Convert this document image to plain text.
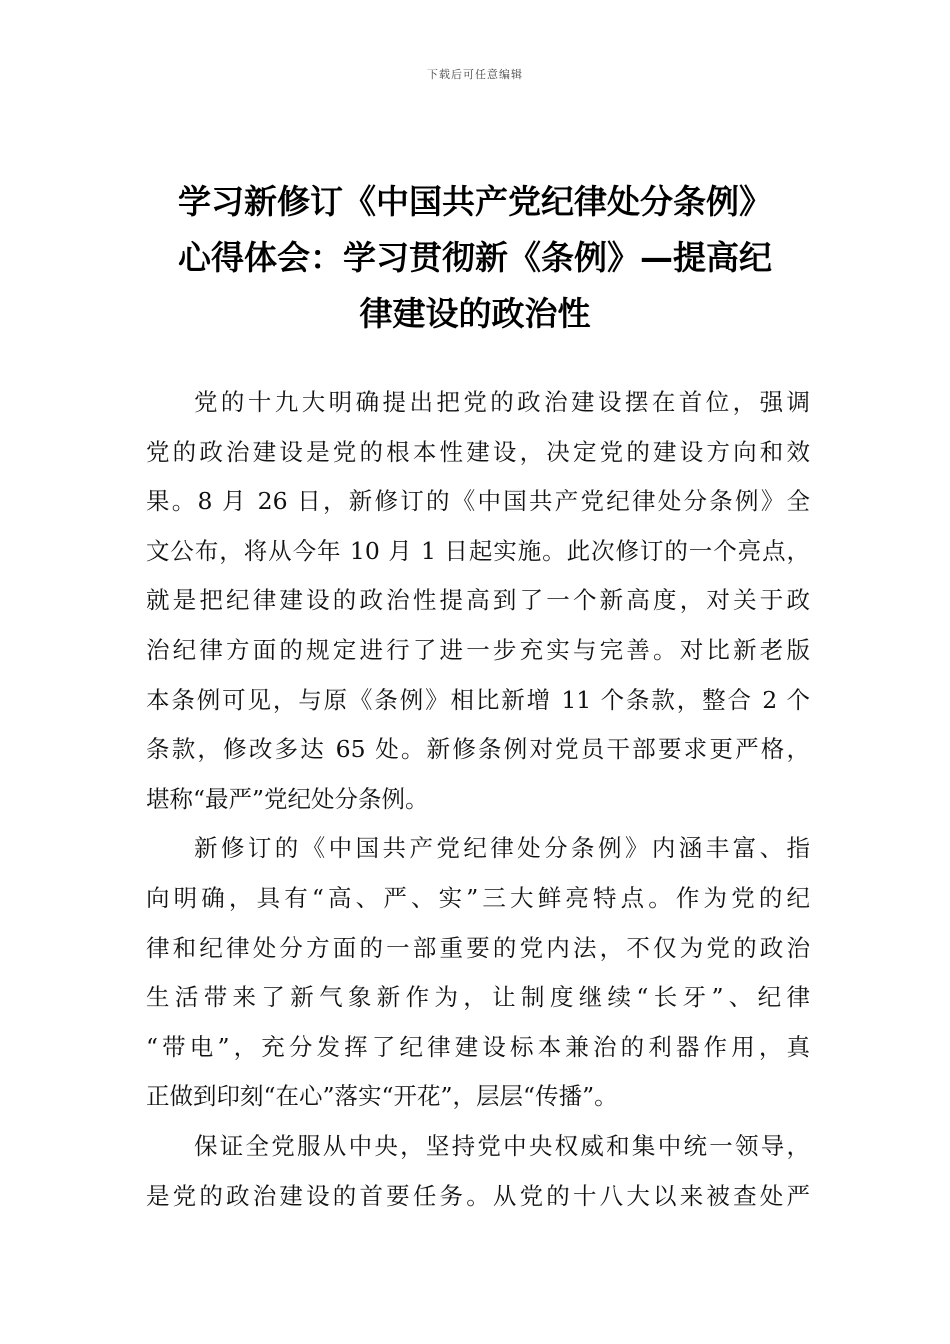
下载后可任意编辑
学习新修订《中国共产党纪律处分条例》
心得体会：学习贯彻新《条例》—提高纪
律建设的政治性

党的十九大明确提出把党的政治建设摆在首位，强调
党的政治建设是党的根本性建设，决定党的建设方向和效
果。8 月 26 日，新修订的《中国共产党纪律处分条例》全
文公布，将从今年 10 月 1 日起实施。此次修订的一个亮点，
就是把纪律建设的政治性提高到了一个新高度，对关于政
治纪律方面的规定进行了进一步充实与完善。对比新老版
本条例可见，与原《条例》相比新增 11 个条款，整合 2 个
条款，修改多达 65 处。新修条例对党员干部要求更严格，
堪称“最严”党纪处分条例。

新修订的《中国共产党纪律处分条例》内涵丰富、指
向明确，具有“高、严、实”三大鲜亮特点。作为党的纪
律和纪律处分方面的一部重要的党内法，不仅为党的政治
生活带来了新气象新作为，让制度继续“长牙”、纪律
“带电”，充分发挥了纪律建设标本兼治的利器作用，真
正做到印刻“在心”落实“开花”，层层“传播”。

保证全党服从中央，坚持党中央权威和集中统一领导，
是党的政治建设的首要任务。从党的十八大以来被查处严
